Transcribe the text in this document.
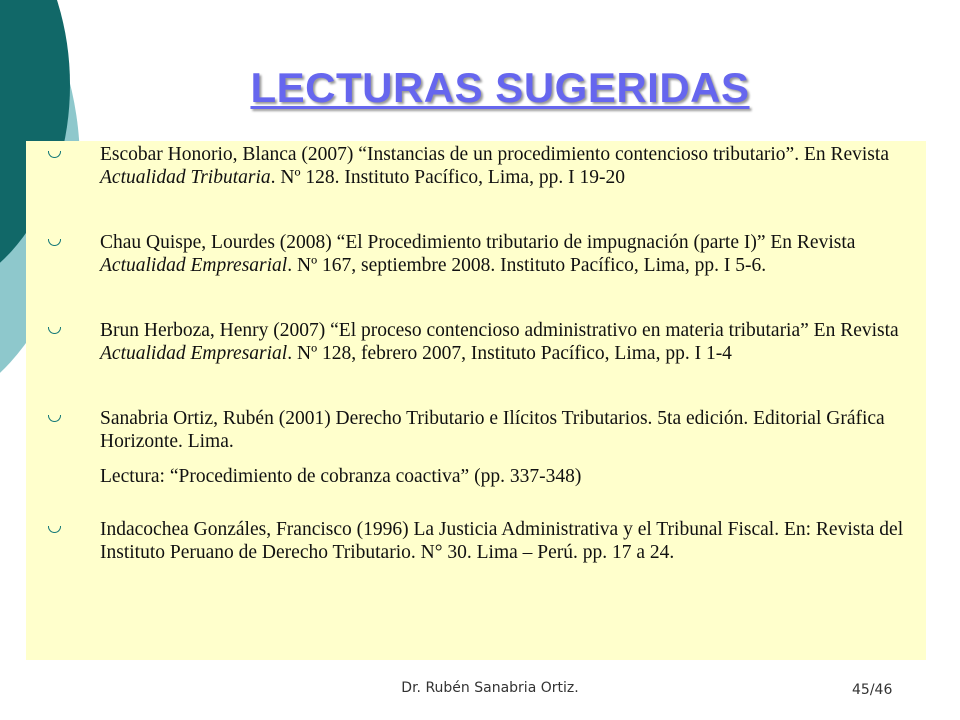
LECTURAS SUGERIDAS
Escobar Honorio, Blanca (2007) “Instancias de un procedimiento contencioso tributario”. En Revista Actualidad Tributaria. Nº 128. Instituto Pacífico, Lima, pp. I 19-20
Chau Quispe, Lourdes (2008) “El Procedimiento tributario de impugnación (parte I)” En Revista Actualidad Empresarial. Nº 167, septiembre 2008. Instituto Pacífico, Lima, pp. I 5-6.
Brun Herboza, Henry (2007) “El proceso contencioso administrativo en materia tributaria” En Revista Actualidad Empresarial. Nº 128, febrero 2007, Instituto Pacífico, Lima, pp. I 1-4
Sanabria Ortiz, Rubén (2001) Derecho Tributario e Ilícitos Tributarios. 5ta edición. Editorial Gráfica Horizonte. Lima.
Lectura: “Procedimiento de cobranza coactiva” (pp. 337-348)
Indacochea Gonzáles, Francisco (1996) La Justicia Administrativa y el Tribunal Fiscal. En: Revista del Instituto Peruano de Derecho Tributario. N° 30. Lima – Perú. pp. 17 a 24.
Dr. Rubén Sanabria Ortiz.	45/46
